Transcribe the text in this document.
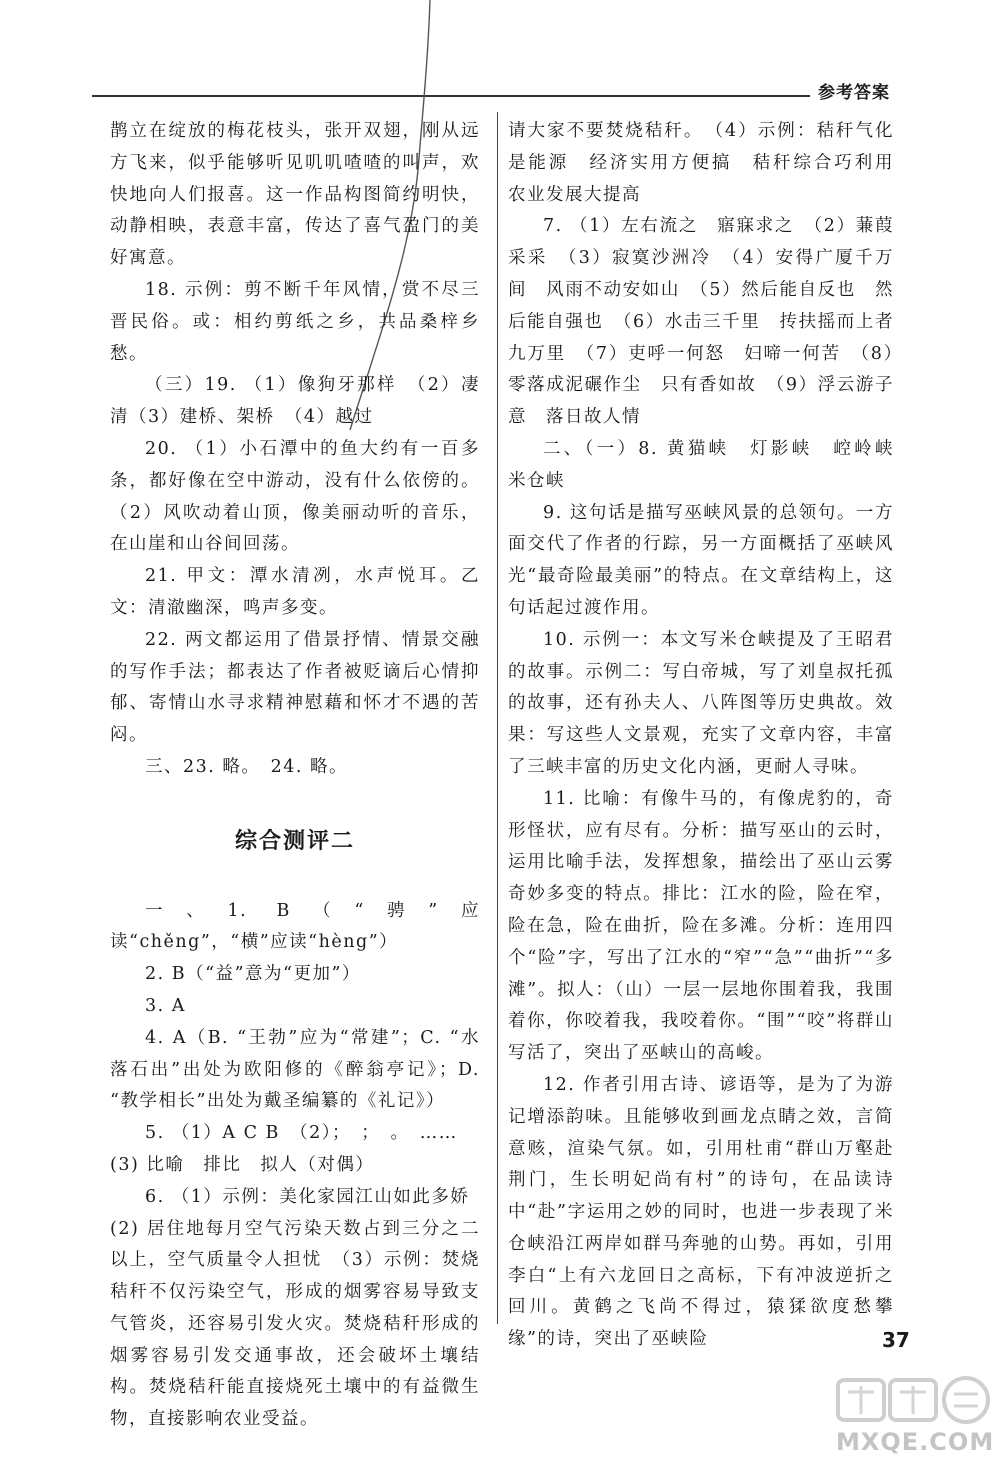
参考答案

鹊立在绽放的梅花枝头，张开双翅，刚从远方飞来，似乎能够听见叽叽喳喳的叫声，欢快地向人们报喜。这一作品构图简约明快，动静相映，表意丰富，传达了喜气盈门的美好寓意。

18. 示例：剪不断千年风情，赏不尽三晋民俗。或：相约剪纸之乡，共品桑梓乡愁。

（三）19. （1）像狗牙那样　（2）凄清（3）建桥、架桥　（4）越过

20. （1）小石潭中的鱼大约有一百多条，都好像在空中游动，没有什么依傍的。（2）风吹动着山顶，像美丽动听的音乐，在山崖和山谷间回荡。

21. 甲文：潭水清冽，水声悦耳。乙文：清澈幽深，鸣声多变。

22. 两文都运用了借景抒情、情景交融的写作手法；都表达了作者被贬谪后心情抑郁、寄情山水寻求精神慰藉和怀才不遇的苦闷。

三、23. 略。　24. 略。

综合测评二

一、1. B（“骋”应读“chěng”，“横”应读“hèng”）

2. B（“益”意为“更加”）

3. A

4. A（B. “王勃”应为“常建”；C. “水落石出”出处为欧阳修的《醉翁亭记》；D. “教学相长”出处为戴圣编纂的《礼记》）

5. （1）A C B　（2）；　；　。　……

(3) 比喻　排比　拟人（对偶）

6. （1）示例：美化家园江山如此多娇

(2) 居住地每月空气污染天数占到三分之二以上，空气质量令人担忧　（3）示例：焚烧秸秆不仅污染空气，形成的烟雾容易导致支气管炎，还容易引发火灾。焚烧秸秆形成的烟雾容易引发交通事故，还会破坏土壤结构。焚烧秸秆能直接烧死土壤中的有益微生物，直接影响农业受益。

请大家不要焚烧秸秆。　（4）示例：秸秆气化是能源　经济实用方便搞　秸秆综合巧利用　农业发展大提高

7. （1）左右流之　寤寐求之　（2）蒹葭采采　（3）寂寞沙洲冷　（4）安得广厦千万间　风雨不动安如山　（5）然后能自反也　然后能自强也　（6）水击三千里　抟扶摇而上者九万里　（7）吏呼一何怒　妇啼一何苦　（8）零落成泥碾作尘　只有香如故　（9）浮云游子意　落日故人情

二、（一）8. 黄猫峡　灯影峡　崆岭峡　米仓峡

9. 这句话是描写巫峡风景的总领句。一方面交代了作者的行踪，另一方面概括了巫峡风光“最奇险最美丽”的特点。在文章结构上，这句话起过渡作用。

10. 示例一：本文写米仓峡提及了王昭君的故事。示例二：写白帝城，写了刘皇叔托孤的故事，还有孙夫人、八阵图等历史典故。效果：写这些人文景观，充实了文章内容，丰富了三峡丰富的历史文化内涵，更耐人寻味。

11. 比喻：有像牛马的，有像虎豹的，奇形怪状，应有尽有。分析：描写巫山的云时，运用比喻手法，发挥想象，描绘出了巫山云雾奇妙多变的特点。排比：江水的险，险在窄，险在急，险在曲折，险在多滩。分析：连用四个“险”字，写出了江水的“窄”“急”“曲折”“多滩”。拟人：（山）一层一层地你围着我，我围着你，你咬着我，我咬着你。“围”“咬”将群山写活了，突出了巫峡山的高峻。

12. 作者引用古诗、谚语等，是为了为游记增添韵味。且能够收到画龙点睛之效，言简意赅，渲染气氛。如，引用杜甫“群山万壑赴荆门，生长明妃尚有村”的诗句，在品读诗中“赴”字运用之妙的同时，也进一步表现了米仓峡沿江两岸如群马奔驰的山势。再如，引用李白“上有六龙回日之高标，下有冲波逆折之回川。黄鹤之飞尚不得过，猿猱欲度愁攀缘”的诗，突出了巫峡险	37
MXQE.COM
